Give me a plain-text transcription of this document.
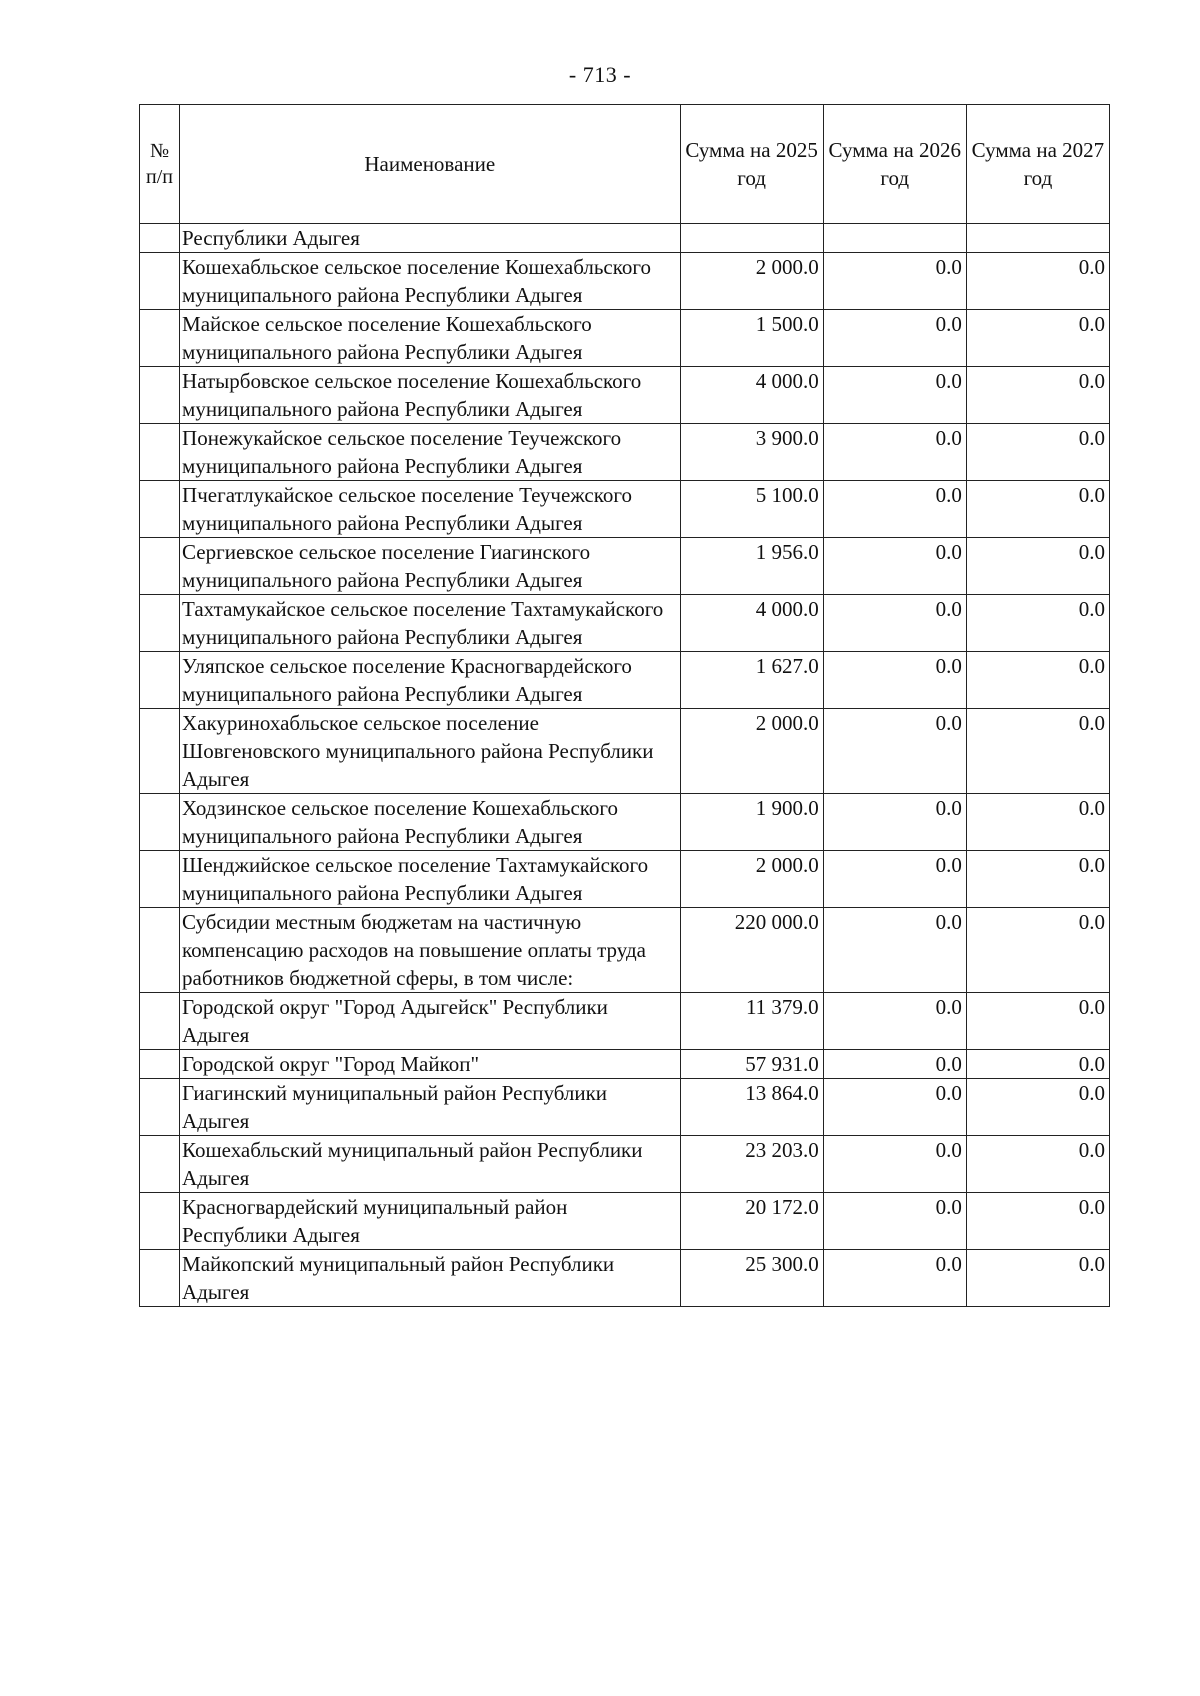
- 713 -
№ п/п	Наименование	Сумма на 2025 год	Сумма на 2026 год	Сумма на 2027 год
	Республики Адыгея			
	Кошехабльское сельское поселение Кошехабльского муниципального района Республики Адыгея	2 000.0	0.0	0.0
	Майское сельское поселение Кошехабльского муниципального района Республики Адыгея	1 500.0	0.0	0.0
	Натырбовское сельское поселение Кошехабльского муниципального района Республики Адыгея	4 000.0	0.0	0.0
	Понежукайское сельское поселение Теучежского муниципального района Республики Адыгея	3 900.0	0.0	0.0
	Пчегатлукайское сельское поселение Теучежского муниципального района Республики Адыгея	5 100.0	0.0	0.0
	Сергиевское сельское поселение Гиагинского муниципального района Республики Адыгея	1 956.0	0.0	0.0
	Тахтамукайское сельское поселение Тахтамукайского муниципального района Республики Адыгея	4 000.0	0.0	0.0
	Уляпское сельское поселение Красногвардейского муниципального района Республики Адыгея	1 627.0	0.0	0.0
	Хакуринохабльское сельское поселение Шовгеновского муниципального района Республики Адыгея	2 000.0	0.0	0.0
	Ходзинское сельское поселение Кошехабльского муниципального района Республики Адыгея	1 900.0	0.0	0.0
	Шенджийское сельское поселение Тахтамукайского муниципального района Республики Адыгея	2 000.0	0.0	0.0
	Субсидии местным бюджетам на частичную компенсацию расходов на повышение оплаты труда работников бюджетной сферы, в том числе:	220 000.0	0.0	0.0
	Городской округ "Город Адыгейск" Республики Адыгея	11 379.0	0.0	0.0
	Городской округ "Город Майкоп"	57 931.0	0.0	0.0
	Гиагинский муниципальный район Республики Адыгея	13 864.0	0.0	0.0
	Кошехабльский муниципальный район Республики Адыгея	23 203.0	0.0	0.0
	Красногвардейский муниципальный район Республики Адыгея	20 172.0	0.0	0.0
	Майкопский муниципальный район Республики Адыгея	25 300.0	0.0	0.0
